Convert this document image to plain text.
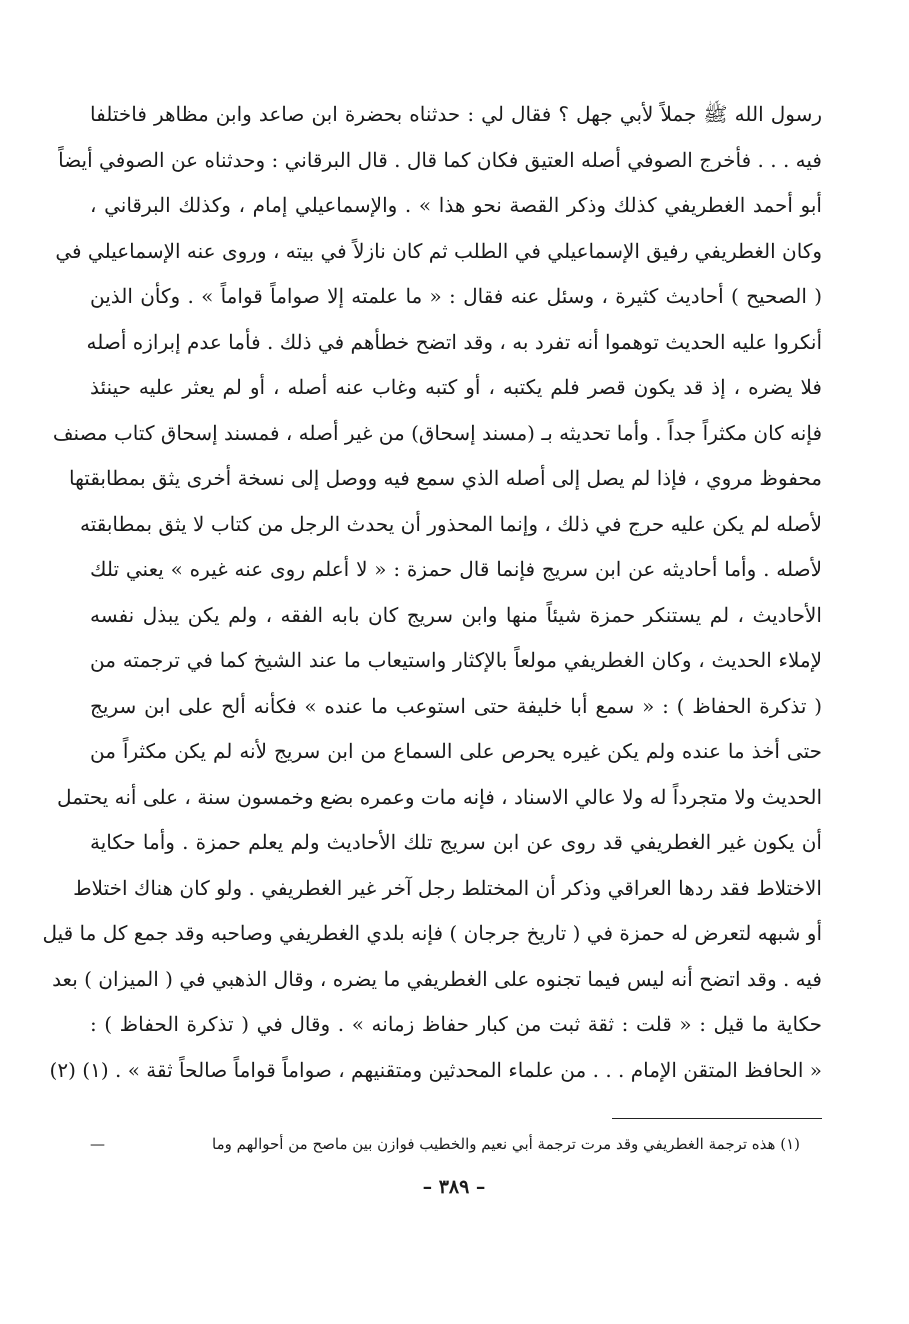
رسول الله ﷺ جملاً لأبي جهل ؟ فقال لي : حدثناه بحضرة ابن صاعد وابن مظاهر فاختلفا
فيه . . . فأخرج الصوفي أصله العتيق فكان كما قال . قال البرقاني : وحدثناه عن الصوفي أيضاً
أبو أحمد الغطريفي كذلك وذكر القصة نحو هذا » . والإسماعيلي إمام ، وكذلك البرقاني ،
وكان الغطريفي رفيق الإسماعيلي في الطلب ثم كان نازلاً في بيته ، وروى عنه الإسماعيلي في
( الصحيح ) أحاديث كثيرة ، وسئل عنه فقال : « ما علمته إلا صواماً قواماً » . وكأن الذين
أنكروا عليه الحديث توهموا أنه تفرد به ، وقد اتضح خطأهم في ذلك . فأما عدم إبرازه أصله
فلا يضره ، إذ قد يكون قصر فلم يكتبه ، أو كتبه وغاب عنه أصله ، أو لم يعثر عليه حينئذ
فإنه كان مكثراً جداً . وأما تحديثه بـ (مسند إسحاق) من غير أصله ، فمسند إسحاق كتاب مصنف
محفوظ مروي ، فإذا لم يصل إلى أصله الذي سمع فيه ووصل إلى نسخة أخرى يثق بمطابقتها
لأصله لم يكن عليه حرج في ذلك ، وإنما المحذور أن يحدث الرجل من كتاب لا يثق بمطابقته
لأصله . وأما أحاديثه عن ابن سريج فإنما قال حمزة : « لا أعلم روى عنه غيره » يعني تلك
الأحاديث ، لم يستنكر حمزة شيئاً منها وابن سريج كان بابه الفقه ، ولم يكن يبذل نفسه
لإملاء الحديث ، وكان الغطريفي مولعاً بالإكثار واستيعاب ما عند الشيخ كما في ترجمته من
( تذكرة الحفاظ ) : « سمع أبا خليفة حتى استوعب ما عنده » فكأنه ألح على ابن سريج
حتى أخذ ما عنده ولم يكن غيره يحرص على السماع من ابن سريج لأنه لم يكن مكثراً من
الحديث ولا متجرداً له ولا عالي الاسناد ، فإنه مات وعمره بضع وخمسون سنة ، على أنه يحتمل
أن يكون غير الغطريفي قد روى عن ابن سريج تلك الأحاديث ولم يعلم حمزة . وأما حكاية
الاختلاط فقد ردها العراقي وذكر أن المختلط رجل آخر غير الغطريفي . ولو كان هناك اختلاط
أو شبهه لتعرض له حمزة في ( تاريخ جرجان ) فإنه بلدي الغطريفي وصاحبه وقد جمع كل ما قيل
فيه . وقد اتضح أنه ليس فيما تجنوه على الغطريفي ما يضره ، وقال الذهبي في ( الميزان ) بعد
حكاية ما قيل : « قلت : ثقة ثبت من كبار حفاظ زمانه » . وقال في ( تذكرة الحفاظ ) :
« الحافظ المتقن الإمام . . . من علماء المحدثين ومتقنيهم ، صواماً قواماً صالحاً ثقة » . (١) (٢)
(١) هذه ترجمة الغطريفي وقد مرت ترجمة أبي نعيم والخطيب فوازن بين ماصح من أحوالهم وما
—
– ٣٨٩ –
